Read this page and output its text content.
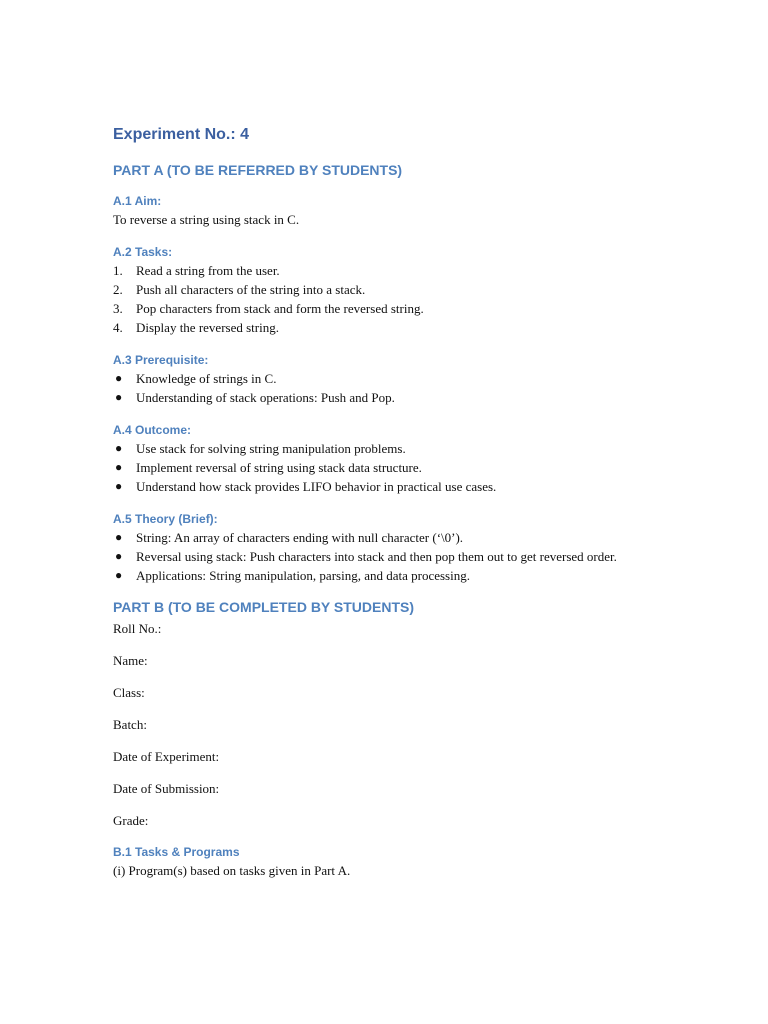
Experiment No.: 4
PART A (TO BE REFERRED BY STUDENTS)
A.1 Aim:

To reverse a string using stack in C.

A.2 Tasks:
1. Read a string from the user.
2. Push all characters of the string into a stack.
3. Pop characters from stack and form the reversed string.
4. Display the reversed string.
A.3 Prerequisite:
● Knowledge of strings in C.
● Understanding of stack operations: Push and Pop.
A.4 Outcome:
● Use stack for solving string manipulation problems.
● Implement reversal of string using stack data structure.
● Understand how stack provides LIFO behavior in practical use cases.
A.5 Theory (Brief):
● String: An array of characters ending with null character (‘\0’).
● Reversal using stack: Push characters into stack and then pop them out to get reversed order.
● Applications: String manipulation, parsing, and data processing.
PART B (TO BE COMPLETED BY STUDENTS)

Roll No.:

Name:

Class:

Batch:

Date of Experiment:

Date of Submission:

Grade:

B.1 Tasks & Programs

(i) Program(s) based on tasks given in Part A.
